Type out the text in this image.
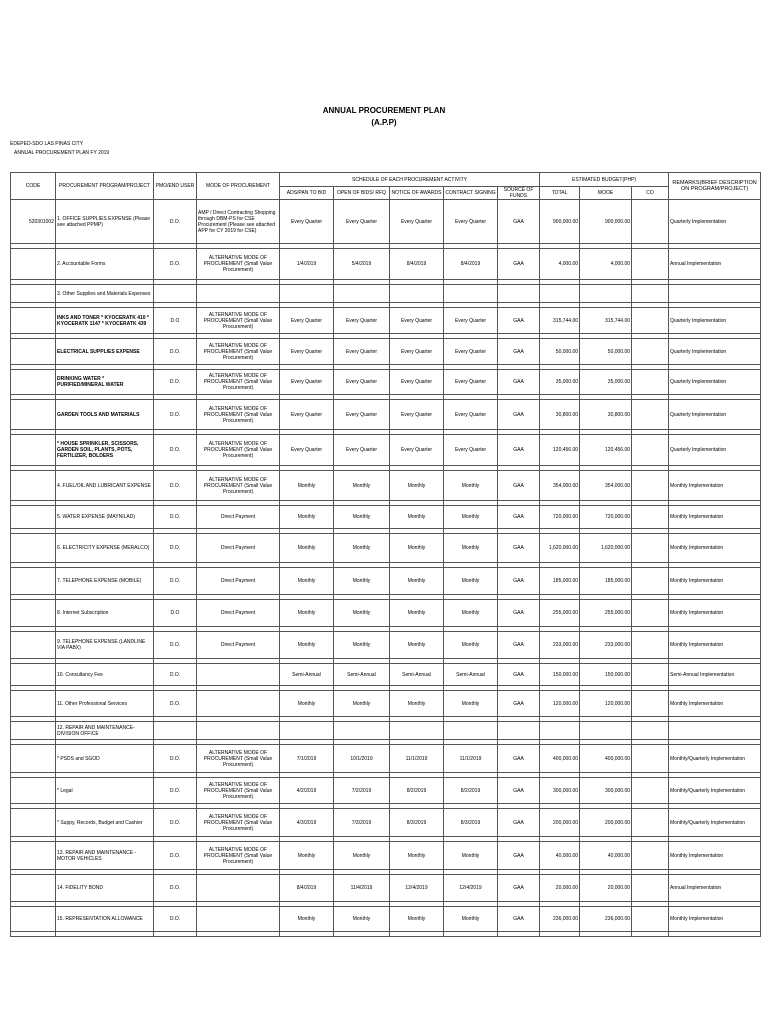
ANNUAL PROCUREMENT PLAN
(A.P.P)
EDEPED-SDO LAS PINAS CITY
ANNUAL PROCUREMENT PLAN FY 2019
CODE	PROCUREMENT PROGRAM/PROJECT	PMO/END USER	MODE OF PROCUREMENT	SCHEDULE OF EACH PROCUREMENT ACTIVITY					ESTIMATED BUDGET(PHP)			REMARKS(BRIEF DESCRIPTION ON PROGRAM/PROJECT)
				ADS/PAN TO BID	OPEN OF BIDS/ RFQ	NOTICE OF AWARDS	CONTRACT SIGNING	SOURCE OF FUNDS	TOTAL	MOOE	CO	
520301002	1. OFFICE SUPPLIES EXPENSE (Please see attached PPMP)	D.O.	AMP / Direct Contracting Shopping through DBM-PS for CSE Procurement (Please see attached APP for CY 2019 for CSE)	Every Quarter	Every Quarter	Every Quarter	Every Quarter	GAA	900,000.00	900,000.00		Quarterly Implementation

	2. Accountable Forms	D.O.	ALTERNATIVE MODE OF PROCUREMENT (Small Value Procurement)	1/4/2019	5/4/2019	8/4/2019	8/4/2019	GAA	4,000.00	4,000.00		Annual Implementation

	3. Other Supplies and Materials Expenses											

	INKS AND TONER * KYOCERATK 410 * KYOCERATK 1147 * KYOCERATK 439	D.O	ALTERNATIVE MODE OF PROCUREMENT (Small Value Procurement)	Every Quarter	Every Quarter	Every Quarter	Every Quarter	GAA	315,744.00	315,744.00		Quarterly Implementation

	ELECTRICAL SUPPLIES EXPENSE	D.O.	ALTERNATIVE MODE OF PROCUREMENT (Small Value Procurement)	Every Quarter	Every Quarter	Every Quarter	Every Quarter	GAA	50,000.00	50,000.00		Quarterly Implementation

	DRINKING WATER * PURIFIED/MINERAL WATER	D.O.	ALTERNATIVE MODE OF PROCUREMENT (Small Value Procurement)	Every Quarter	Every Quarter	Every Quarter	Every Quarter	GAA	35,000.00	35,000.00		Quarterly Implementation

	GARDEN TOOLS AND MATERIALS	D.O.	ALTERNATIVE MODE OF PROCUREMENT (Small Value Procurement)	Every Quarter	Every Quarter	Every Quarter	Every Quarter	GAA	30,800.00	30,800.00		Quarterly Implementation

	* HOUSE SPRINKLER, SCISSORS, GARDEN SOIL, PLANTS, POTS, FERTILIZER, BOLDERS	D.O.	ALTERNATIVE MODE OF PROCUREMENT (Small Value Procurement)	Every Quarter	Every Quarter	Every Quarter	Every Quarter	GAA	120,456.00	120,456.00		Quarterly Implementation

	4. FUEL/OIL AND LUBRICANT EXPENSE	D.O.	ALTERNATIVE MODE OF PROCUREMENT (Small Value Procurement)	Monthly	Monthly	Monthly	Monthly	GAA	354,000.00	354,000.00		Monthly Implementation

	5. WATER EXPENSE (MAYNILAD)	D.O.	Direct Payment	Monthly	Monthly	Monthly	Monthly	GAA	720,000.00	720,000.00		Monthly Implementation

	6. ELECTRICITY EXPENSE (MERALCO)	D.O.	Direct Payment	Monthly	Monthly	Monthly	Monthly	GAA	1,620,000.00	1,620,000.00		Monthly Implementation

	7. TELEPHONE EXPENSE (MOBILE)	D.O.	Direct Payment	Monthly	Monthly	Monthly	Monthly	GAA	185,000.00	185,000.00		Monthly Implementation

	8. Internet Subscription	D.O	Direct Payment	Monthly	Monthly	Monthly	Monthly	GAA	255,000.00	255,000.00		Monthly Implementation

	9. TELEPHONE EXPENSE (LANDLINE VIA PABX)	D.O.	Direct Payment	Monthly	Monthly	Monthly	Monthly	GAA	233,000.00	233,000.00		Monthly Implementation

	10. Consultancy Fee	D.O.		Semi-Annual	Semi-Annual	Semi-Annual	Semi-Annual	GAA	150,000.00	150,000.00		Semi-Annual Implementation

	11. Other Professional Services	D.O.		Monthly	Monthly	Monthly	Monthly	GAA	120,000.00	120,000.00		Monthly Implementation

	12. REPAIR AND MAINTENANCE- DIVISION OFFICE											

	* PSDS and SGOD	D.O.	ALTERNATIVE MODE OF PROCUREMENT (Small Value Procurement)	7/1/2019	10/1/2019	11/1/2019	11/1/2019	GAA	400,000.00	400,000.00		Monthly/Quarterly Implementation

	* Legal	D.O.	ALTERNATIVE MODE OF PROCUREMENT (Small Value Procurement)	4/2/2019	7/2/2019	8/2/2019	8/2/2019	GAA	300,000.00	300,000.00		Monthly/Quarterly Implementation

	* Suppy, Records, Budget and Cashier	D.O.	ALTERNATIVE MODE OF PROCUREMENT (Small Value Procurement)	4/3/2019	7/3/2019	8/3/2019	8/3/2019	GAA	200,000.00	200,000.00		Monthly/Quarterly Implementation

	13. REPAIR AND MAINTENANCE - MOTOR VEHICLES	D.O.	ALTERNATIVE MODE OF PROCUREMENT (Small Value Procurement)	Monthly	Monthly	Monthly	Monthly	GAA	40,000.00	40,000.00		Monthly Implementation

	14. FIDELITY BOND	D.O.		8/4/2019	11/4/2019	12/4/2019	12/4/2019	GAA	20,000.00	20,000.00		Annual Implementation

	15. REPRESENTATION ALLOWANCE	D.O.		Monthly	Monthly	Monthly	Monthly	GAA	236,000.00	236,000.00		Monthly Implementation
